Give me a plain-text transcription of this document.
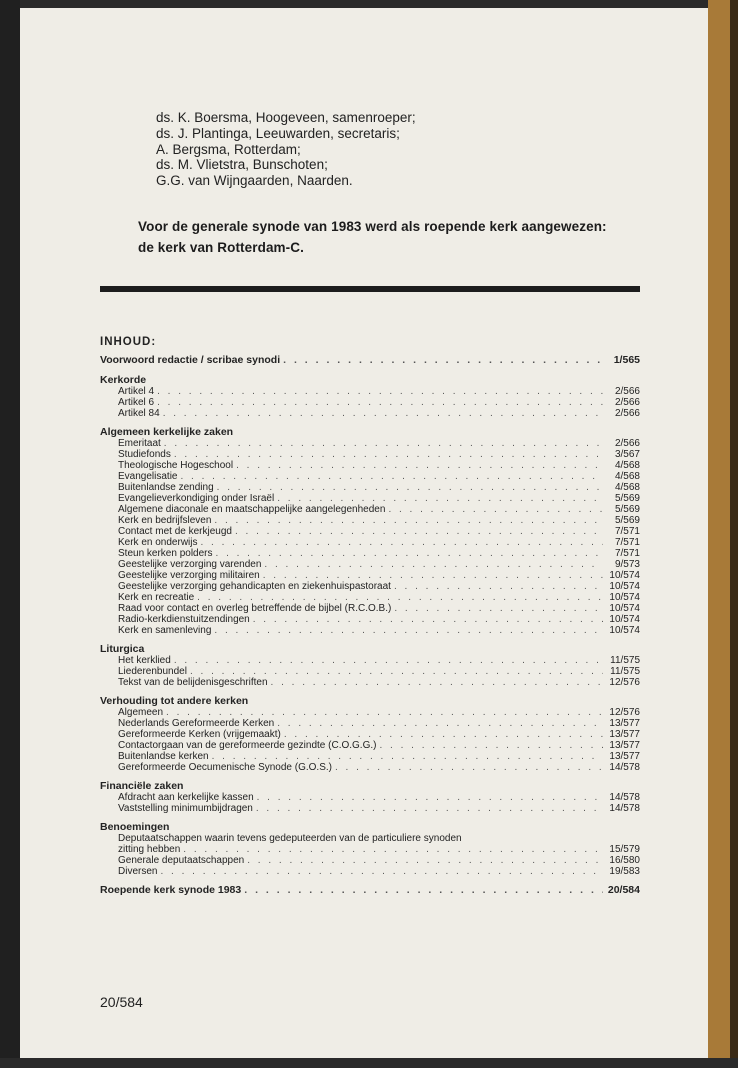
ds. K. Boersma, Hoogeveen, samenroeper;
ds. J. Plantinga, Leeuwarden, secretaris;
A. Bergsma, Rotterdam;
ds. M. Vlietstra, Bunschoten;
G.G. van Wijngaarden, Naarden.
Voor de generale synode van 1983 werd als roepende kerk aangewezen:
de kerk van Rotterdam-C.
INHOUD:
Voorwoord redactie / scribae synodi . . .	1/565
Kerkorde
Artikel 4 . . .	2/566
Artikel 6 . . .	2/566
Artikel 84 . . .	2/566
Algemeen kerkelijke zaken
Emeritaat . . .	2/566
Studiefonds . . .	3/567
Theologische Hogeschool . . .	4/568
Evangelisatie . . .	4/568
Buitenlandse zending . . .	4/568
Evangelieverkondiging onder Israël . . .	5/569
Algemene diaconale en maatschappelijke aangelegenheden . . .	5/569
Kerk en bedrijfsleven . . .	5/569
Contact met de kerkjeugd . . .	7/571
Kerk en onderwijs . . .	7/571
Steun kerken polders . . .	7/571
Geestelijke verzorging varenden . . .	9/573
Geestelijke verzorging militairen . . .	10/574
Geestelijke verzorging gehandicapten en ziekenhuispastoraat . . .	10/574
Kerk en recreatie . . .	10/574
Raad voor contact en overleg betreffende de bijbel (R.C.O.B.) . . .	10/574
Radio-kerkdienstuitzendingen . . .	10/574
Kerk en samenleving . . .	10/574
Liturgica
Het kerklied . . .	11/575
Liederenbundel . . .	11/575
Tekst van de belijdenisgeschriften . . .	12/576
Verhouding tot andere kerken
Algemeen . . .	12/576
Nederlands Gereformeerde Kerken . . .	13/577
Gereformeerde Kerken (vrijgemaakt) . . .	13/577
Contactorgaan van de gereformeerde gezindte (C.O.G.G.) . . .	13/577
Buitenlandse kerken . . .	13/577
Gereformeerde Oecumenische Synode (G.O.S.) . . .	14/578
Financiële zaken
Afdracht aan kerkelijke kassen . . .	14/578
Vaststelling minimumbijdragen . . .	14/578
Benoemingen
Deputaatschappen waarin tevens gedeputeerden van de particuliere synoden
zitting hebben . . .	15/579
Generale deputaatschappen . . .	16/580
Diversen . . .	19/583
Roepende kerk synode 1983 . . .	20/584
20/584
